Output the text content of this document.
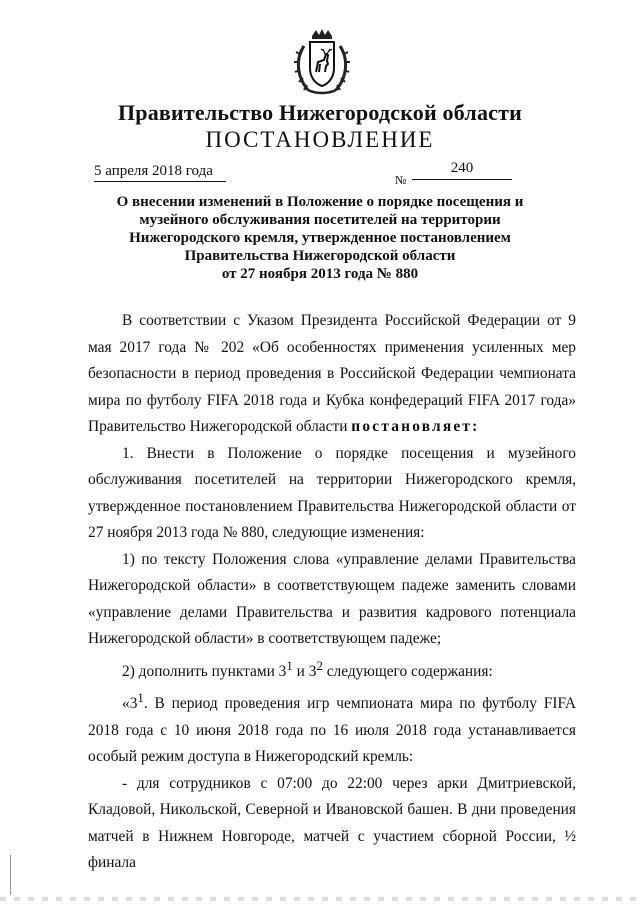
Правительство Нижегородской области
ПОСТАНОВЛЕНИЕ
5 апреля 2018 года
№
240
О внесении изменений в Положение о порядке посещения и
музейного обслуживания посетителей на территории
Нижегородского кремля, утвержденное постановлением
Правительства Нижегородской области
от 27 ноября 2013 года № 880

В соответствии с Указом Президента Российской Федерации от 9 мая 2017 года № 202 «Об особенностях применения усиленных мер безопасности в период проведения в Российской Федерации чемпионата мира по футболу FIFA 2018 года и Кубка конфедераций FIFA 2017 года» Правительство Нижегородской области постановляет:

1. Внести в Положение о порядке посещения и музейного обслуживания посетителей на территории Нижегородского кремля, утвержденное постановлением Правительства Нижегородской области от 27 ноября 2013 года № 880, следующие изменения:

1) по тексту Положения слова «управление делами Правительства Нижегородской области» в соответствующем падеже заменить словами «управление делами Правительства и развития кадрового потенциала Нижегородской области» в соответствующем падеже;

2) дополнить пунктами $3^1$ и $3^2$ следующего содержания:

«$3^1$. В период проведения игр чемпионата мира по футболу FIFA 2018 года с 10 июня 2018 года по 16 июля 2018 года устанавливается особый режим доступа в Нижегородский кремль:

- для сотрудников с 07:00 до 22:00 через арки Дмитриевской, Кладовой, Никольской, Северной и Ивановской башен. В дни проведения матчей в Нижнем Новгороде, матчей с участием сборной России, ½ финала
